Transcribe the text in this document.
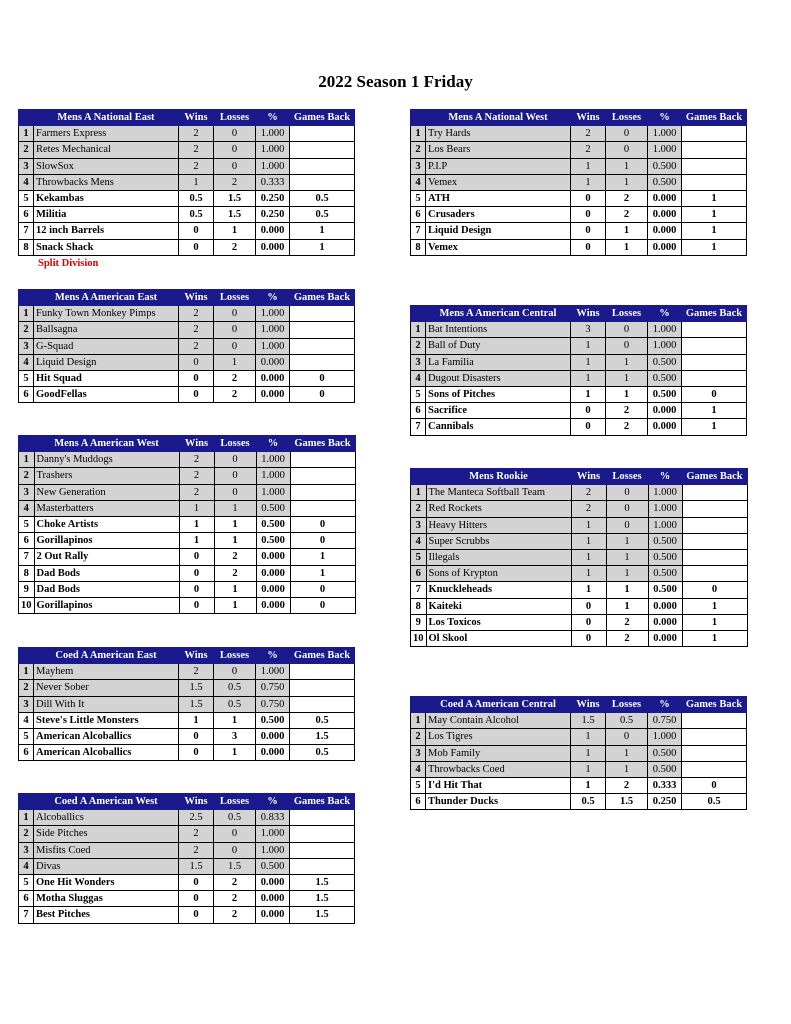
2022 Season 1 Friday
	Mens A National East	Wins	Losses	%	Games Back
1	Farmers Express	2	0	1.000	
2	Retes Mechanical	2	0	1.000	
3	SlowSox	2	0	1.000	
4	Throwbacks Mens	1	2	0.333	
5	Kekambas	0.5	1.5	0.250	0.5
6	Militia	0.5	1.5	0.250	0.5
7	12 inch Barrels	0	1	0.000	1
8	Snack Shack	0	2	0.000	1
	Mens A American East	Wins	Losses	%	Games Back
1	Funky Town Monkey Pimps	2	0	1.000	
2	Ballsagna	2	0	1.000	
3	G-Squad	2	0	1.000	
4	Liquid Design	0	1	0.000	
5	Hit Squad	0	2	0.000	0
6	GoodFellas	0	2	0.000	0
	Mens A American West	Wins	Losses	%	Games Back
1	Danny's Muddogs	2	0	1.000	
2	Trashers	2	0	1.000	
3	New Generation	2	0	1.000	
4	Masterbatters	1	1	0.500	
5	Choke Artists	1	1	0.500	0
6	Gorillapinos	1	1	0.500	0
7	2 Out Rally	0	2	0.000	1
8	Dad Bods	0	2	0.000	1
9	Dad Bods	0	1	0.000	0
10	Gorillapinos	0	1	0.000	0
	Coed A American East	Wins	Losses	%	Games Back
1	Mayhem	2	0	1.000	
2	Never Sober	1.5	0.5	0.750	
3	Dill With It	1.5	0.5	0.750	
4	Steve's Little Monsters	1	1	0.500	0.5
5	American Alcoballics	0	3	0.000	1.5
6	American Alcoballics	0	1	0.000	0.5
	Coed A American West	Wins	Losses	%	Games Back
1	Alcoballics	2.5	0.5	0.833	
2	Side Pitches	2	0	1.000	
3	Misfits Coed	2	0	1.000	
4	Divas	1.5	1.5	0.500	
5	One Hit Wonders	0	2	0.000	1.5
6	Motha Sluggas	0	2	0.000	1.5
7	Best Pitches	0	2	0.000	1.5
	Mens A National West	Wins	Losses	%	Games Back
1	Try Hards	2	0	1.000	
2	Los Bears	2	0	1.000	
3	P.I.P	1	1	0.500	
4	Vemex	1	1	0.500	
5	ATH	0	2	0.000	1
6	Crusaders	0	2	0.000	1
7	Liquid Design	0	1	0.000	1
8	Vemex	0	1	0.000	1
	Mens A American Central	Wins	Losses	%	Games Back
1	Bat Intentions	3	0	1.000	
2	Ball of Duty	1	0	1.000	
3	La Familia	1	1	0.500	
4	Dugout Disasters	1	1	0.500	
5	Sons of Pitches	1	1	0.500	0
6	Sacrifice	0	2	0.000	1
7	Cannibals	0	2	0.000	1
	Mens Rookie	Wins	Losses	%	Games Back
1	The Manteca Softball Team	2	0	1.000	
2	Red Rockets	2	0	1.000	
3	Heavy Hitters	1	0	1.000	
4	Super Scrubbs	1	1	0.500	
5	Illegals	1	1	0.500	
6	Sons of Krypton	1	1	0.500	
7	Knuckleheads	1	1	0.500	0
8	Kaiteki	0	1	0.000	1
9	Los Toxicos	0	2	0.000	1
10	Ol Skool	0	2	0.000	1
	Coed A American Central	Wins	Losses	%	Games Back
1	May Contain Alcohol	1.5	0.5	0.750	
2	Los Tigres	1	0	1.000	
3	Mob Family	1	1	0.500	
4	Throwbacks Coed	1	1	0.500	
5	I'd Hit That	1	2	0.333	0
6	Thunder Ducks	0.5	1.5	0.250	0.5
Split Division
